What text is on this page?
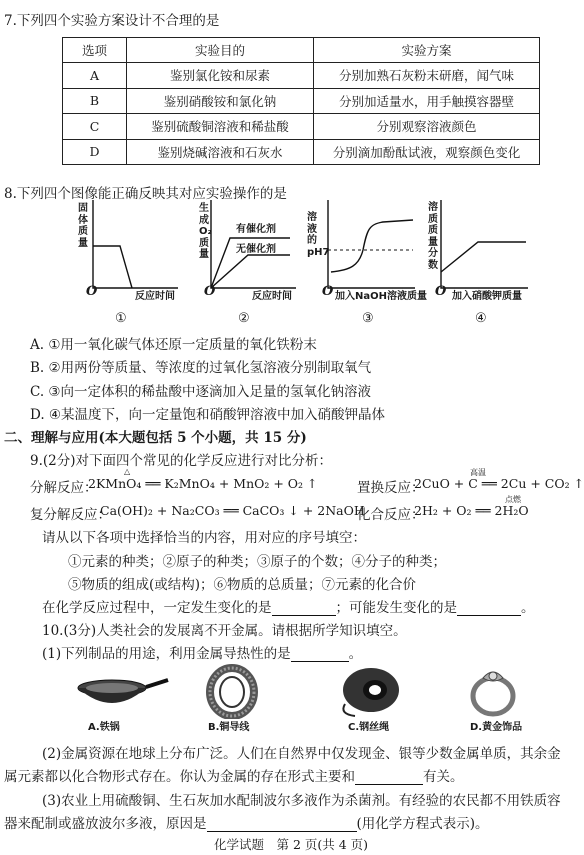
7.下列四个实验方案设计不合理的是
选项	实验目的	实验方案
A	鉴别氯化铵和尿素	分别加熟石灰粉末研磨，闻气味
B	鉴别硝酸铵和氯化钠	分别加适量水，用手触摸容器壁
C	鉴别硫酸铜溶液和稀盐酸	分别观察溶液颜色
D	鉴别烧碱溶液和石灰水	分别滴加酚酞试液，观察颜色变化
8.下列四个图像能正确反映其对应实验操作的是
固
体
质
量
O	反应时间
①
生
成
O₂
质
量
有催化剂
无催化剂
O	反应时间
②
溶
液
的
pH7
O 加入NaOH溶液质量
③
溶
质
质
量
分
数
O 加入硝酸钾质量
④
A. ①用一氧化碳气体还原一定质量的氧化铁粉末
B. ②用两份等质量、等浓度的过氧化氢溶液分别制取氧气
C. ③向一定体积的稀盐酸中逐滴加入足量的氢氧化钠溶液
D. ④某温度下，向一定量饱和硝酸钾溶液中加入硝酸钾晶体
二、理解与应用(本大题包括 5 个小题，共 15 分)
9.(2分)对下面四个常见的化学反应进行对比分析：
分解反应：
△
2KMnO₄ ══ K₂MnO₄ + MnO₂ + O₂ ↑	置换反应：
高温
2CuO + C ══ 2Cu + CO₂ ↑
复分解反应：
Ca(OH)₂ + Na₂CO₃ ══ CaCO₃ ↓ + 2NaOH
化合反应：
点燃
2H₂ + O₂ ══ 2H₂O
请从以下各项中选择恰当的内容，用对应的序号填空：
①元素的种类；②原子的种类；③原子的个数；④分子的种类；
⑤物质的组成(或结构)；⑥物质的总质量；⑦元素的化合价
在化学反应过程中，一定发生变化的是	；可能发生变化的是	。
10.(3分)人类社会的发展离不开金属。请根据所学知识填空。
(1)下列制品的用途，利用金属导热性的是	。
A.铁锅	B.铜导线	C.钢丝绳	D.黄金饰品
(2)金属资源在地球上分布广泛。人们在自然界中仅发现金、银等少数金属单质，其余金
属元素都以化合物形式存在。你认为金属的存在形式主要和	有关。
(3)农业上用硫酸铜、生石灰加水配制波尔多液作为杀菌剂。有经验的农民都不用铁质容
器来配制或盛放波尔多液，原因是	(用化学方程式表示)。
化学试题　第 2 页(共 4 页)
